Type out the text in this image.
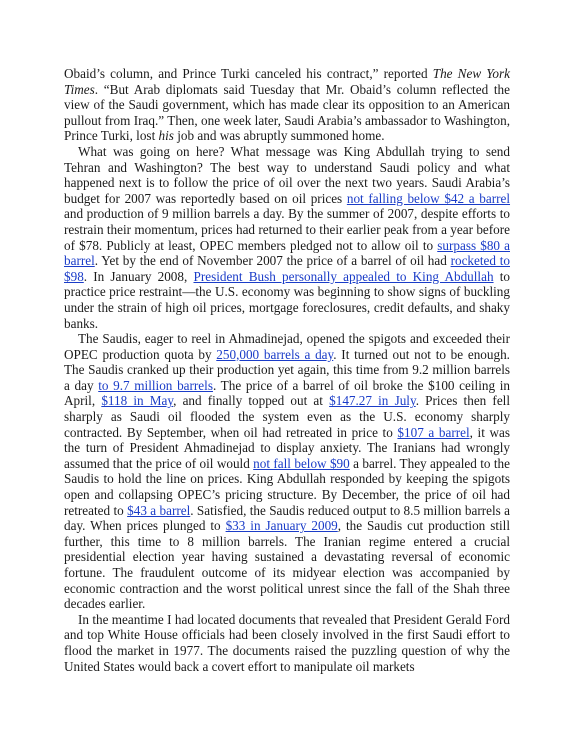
Obaid’s column, and Prince Turki canceled his contract,” reported The New York Times. “But Arab diplomats said Tuesday that Mr. Obaid’s column reflected the view of the Saudi government, which has made clear its opposition to an American pullout from Iraq.” Then, one week later, Saudi Arabia’s ambassador to Washington, Prince Turki, lost his job and was abruptly summoned home.

What was going on here? What message was King Abdullah trying to send Tehran and Washington? The best way to understand Saudi policy and what happened next is to follow the price of oil over the next two years. Saudi Arabia’s budget for 2007 was reportedly based on oil prices not falling below $42 a barrel and production of 9 million barrels a day. By the summer of 2007, despite efforts to restrain their momentum, prices had returned to their earlier peak from a year before of $78. Publicly at least, OPEC members pledged not to allow oil to surpass $80 a barrel. Yet by the end of November 2007 the price of a barrel of oil had rocketed to $98. In January 2008, President Bush personally appealed to King Abdullah to practice price restraint—the U.S. economy was beginning to show signs of buckling under the strain of high oil prices, mortgage foreclosures, credit defaults, and shaky banks.

The Saudis, eager to reel in Ahmadinejad, opened the spigots and exceeded their OPEC production quota by 250,000 barrels a day. It turned out not to be enough. The Saudis cranked up their production yet again, this time from 9.2 million barrels a day to 9.7 million barrels. The price of a barrel of oil broke the $100 ceiling in April, $118 in May, and finally topped out at $147.27 in July. Prices then fell sharply as Saudi oil flooded the system even as the U.S. economy sharply contracted. By September, when oil had retreated in price to $107 a barrel, it was the turn of President Ahmadinejad to display anxiety. The Iranians had wrongly assumed that the price of oil would not fall below $90 a barrel. They appealed to the Saudis to hold the line on prices. King Abdullah responded by keeping the spigots open and collapsing OPEC’s pricing structure. By December, the price of oil had retreated to $43 a barrel. Satisfied, the Saudis reduced output to 8.5 million barrels a day. When prices plunged to $33 in January 2009, the Saudis cut production still further, this time to 8 million barrels. The Iranian regime entered a crucial presidential election year having sustained a devastating reversal of economic fortune. The fraudulent outcome of its midyear election was accompanied by economic contraction and the worst political unrest since the fall of the Shah three decades earlier.

In the meantime I had located documents that revealed that President Gerald Ford and top White House officials had been closely involved in the first Saudi effort to flood the market in 1977. The documents raised the puzzling question of why the United States would back a covert effort to manipulate oil markets
